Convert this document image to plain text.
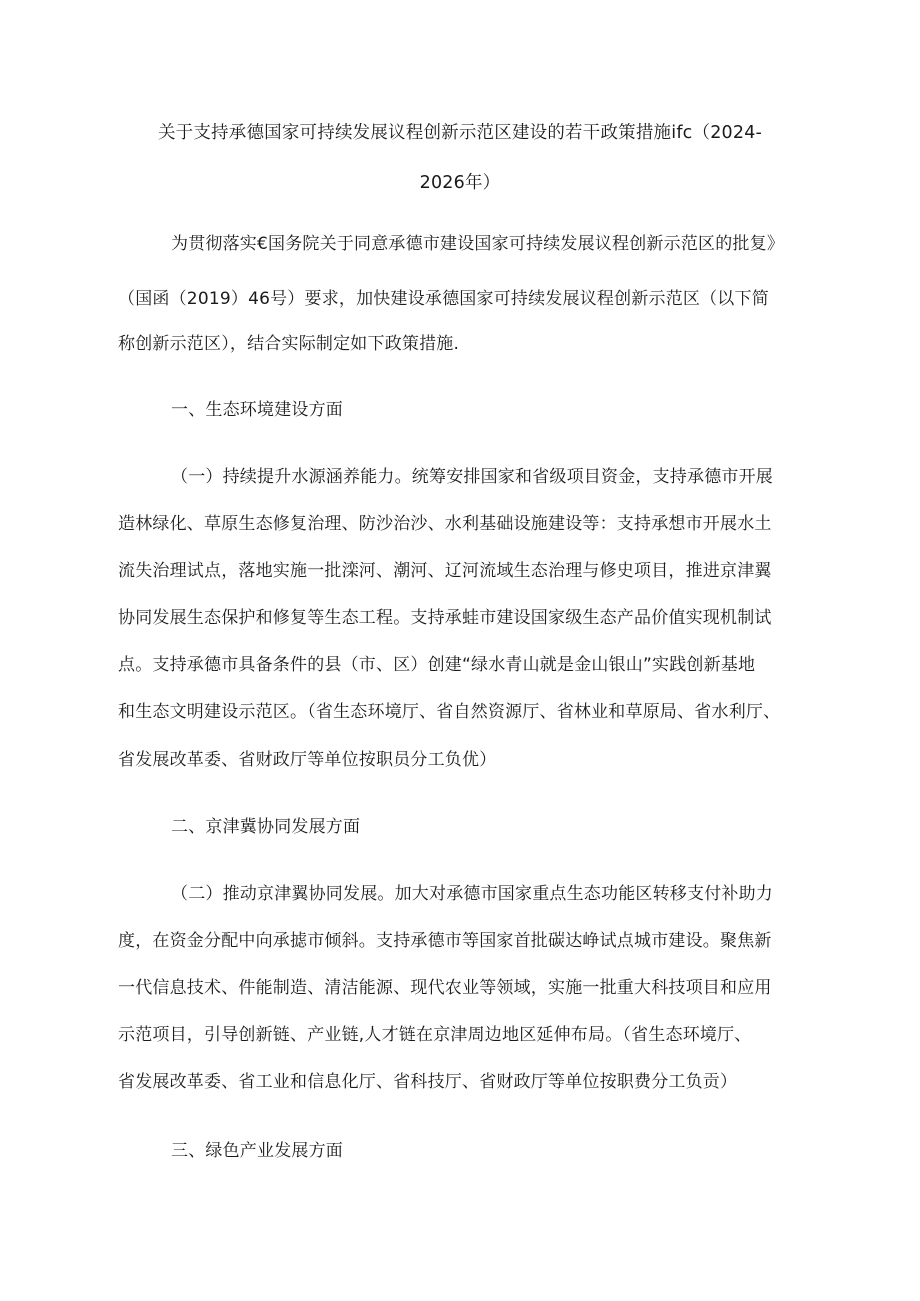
关于支持承德国家可持续发展议程创新示范区建设的若干政策措施ifc（2024-
2026年）
为贯彻落实€国务院关于同意承德市建设国家可持续发展议程创新示范区的批复》
（国函（2019）46号）要求，加快建设承德国家可持续发展议程创新示范区（以下简
称创新示范区），结合实际制定如下政策措施.
一、生态环境建设方面
（一）持续提升水源涵养能力。统筹安排国家和省级项目资金，支持承德市开展
造林绿化、草原生态修复治理、防沙治沙、水利基础设施建设等：支持承想市开展水土
流失治理试点，落地实施一批滦河、潮河、辽河流域生态治理与修史项目，推进京津翼
协同发展生态保护和修复等生态工程。支持承蛙市建设国家级生态产品价值实现机制试
点。支持承德市具备条件的县（市、区）创建“绿水青山就是金山银山”实践创新基地
和生态文明建设示范区。（省生态环境厅、省自然资源厅、省林业和草原局、省水利厅、
省发展改革委、省财政厅等单位按职员分工负优）
二、京津冀协同发展方面
（二）推动京津翼协同发展。加大对承德市国家重点生态功能区转移支付补助力
度，在资金分配中向承摅市倾斜。支持承德市等国家首批碳达峥试点城市建设。聚焦新
一代信息技术、件能制造、清洁能源、现代农业等领域，实施一批重大科技项目和应用
示范项目，引导创新链、产业链,人才链在京津周边地区延伸布局。（省生态环境厅、
省发展改革委、省工业和信息化厅、省科技厅、省财政厅等单位按职费分工负贡）
三、绿色产业发展方面
